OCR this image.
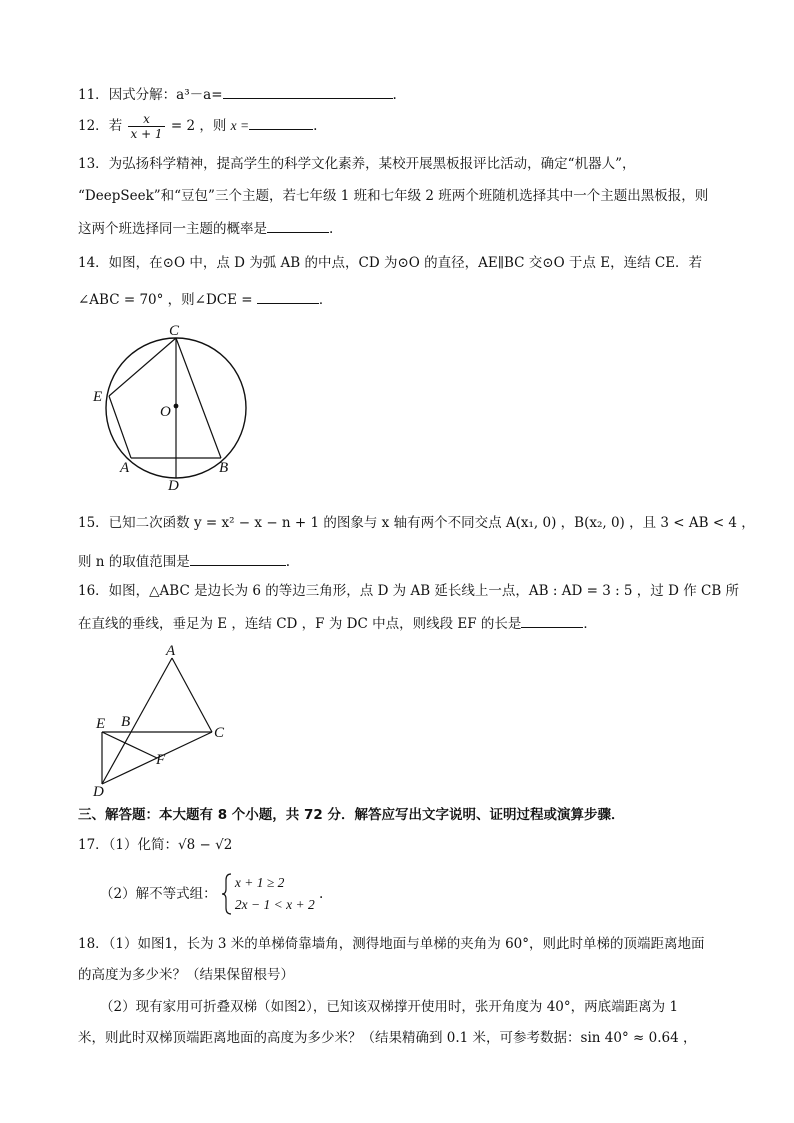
11．因式分解：a³－a=	.
12．若 $\frac{x}{x + 1} = 2$ ，则 x =	.
13．为弘扬科学精神，提高学生的科学文化素养，某校开展黑板报评比活动，确定“机器人”，
“DeepSeek”和“豆包”三个主题，若七年级 1 班和七年级 2 班两个班随机选择其中一个主题出黑板报，则
这两个班选择同一主题的概率是	.
14．如图，在⊙O 中，点 D 为弧 AB 的中点，CD 为⊙O 的直径，AE∥BC 交⊙O 于点 E，连结 CE．若
∠ABC = 70° ，则∠DCE =	．
C
E
O
A	B
D
15．已知二次函数 y = x² − x − n + 1 的图象与 x 轴有两个不同交点 A(x₁, 0) ，B(x₂, 0) ，且 3 < AB < 4 ，
则 n 的取值范围是	.
16．如图，△ABC 是边长为 6 的等边三角形，点 D 为 AB 延长线上一点，AB : AD = 3 : 5 ，过 D 作 CB 所
在直线的垂线，垂足为 E ，连结 CD ，F 为 DC 中点，则线段 EF 的长是	．
A
E B
C
F
D
三、解答题：本大题有 8 个小题，共 72 分．解答应写出文字说明、证明过程或演算步骤．
17．（1）化简：√8 − √2
（2）解不等式组：
x + 1 ≥ 2
2x − 1 < x + 2
.
18．（1）如图1，长为 3 米的单梯倚靠墙角，测得地面与单梯的夹角为 60°，则此时单梯的顶端距离地面
的高度为多少米？（结果保留根号）
（2）现有家用可折叠双梯（如图2），已知该双梯撑开使用时，张开角度为 40°，两底端距离为 1
米，则此时双梯顶端距离地面的高度为多少米？（结果精确到 0.1 米，可参考数据：sin 40° ≈ 0.64 ，
